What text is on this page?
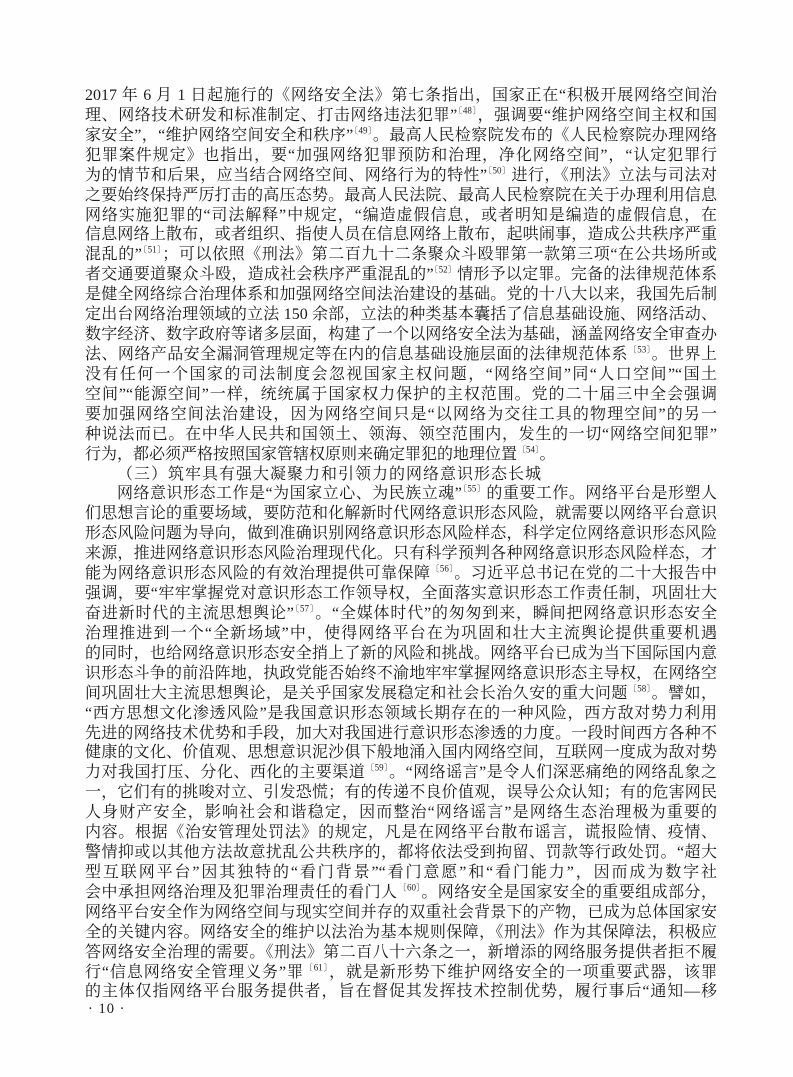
2017 年 6 月 1 日起施行的《网络安全法》第七条指出，国家正在“积极开展网络空间治
理、网络技术研发和标准制定、打击网络违法犯罪”$^{〔48〕}$，强调要“维护网络空间主权和国
家安全”，“维护网络空间安全和秩序”$^{〔49〕}$。最高人民检察院发布的《人民检察院办理网络
犯罪案件规定》也指出，要“加强网络犯罪预防和治理，净化网络空间”，“认定犯罪行
为的情节和后果，应当结合网络空间、网络行为的特性”$^{〔50〕}$进行，《刑法》立法与司法对
之要始终保持严厉打击的高压态势。最高人民法院、最高人民检察院在关于办理利用信息
网络实施犯罪的“司法解释”中规定，“编造虚假信息，或者明知是编造的虚假信息，在
信息网络上散布，或者组织、指使人员在信息网络上散布，起哄闹事，造成公共秩序严重
混乱的”$^{〔51〕}$；可以依照《刑法》第二百九十二条聚众斗殴罪第一款第三项“在公共场所或
者交通要道聚众斗殴，造成社会秩序严重混乱的”$^{〔52〕}$情形予以定罪。完备的法律规范体系
是健全网络综合治理体系和加强网络空间法治建设的基础。党的十八大以来，我国先后制
定出台网络治理领域的立法 150 余部，立法的种类基本囊括了信息基础设施、网络活动、
数字经济、数字政府等诸多层面，构建了一个以网络安全法为基础，涵盖网络安全审查办
法、网络产品安全漏洞管理规定等在内的信息基础设施层面的法律规范体系$^{〔53〕}$。世界上
没有任何一个国家的司法制度会忽视国家主权问题，“网络空间”同“人口空间”“国土
空间”“能源空间”一样，统统属于国家权力保护的主权范围。党的二十届三中全会强调
要加强网络空间法治建设，因为网络空间只是“以网络为交往工具的物理空间”的另一
种说法而已。在中华人民共和国领土、领海、领空范围内，发生的一切“网络空间犯罪”
行为，都必须严格按照国家管辖权原则来确定罪犯的地理位置$^{〔54〕}$。
（三）筑牢具有强大凝聚力和引领力的网络意识形态长城
网络意识形态工作是“为国家立心、为民族立魂”$^{〔55〕}$的重要工作。网络平台是形塑人
们思想言论的重要场域，要防范和化解新时代网络意识形态风险，就需要以网络平台意识
形态风险问题为导向，做到准确识别网络意识形态风险样态，科学定位网络意识形态风险
来源，推进网络意识形态风险治理现代化。只有科学预判各种网络意识形态风险样态，才
能为网络意识形态风险的有效治理提供可靠保障$^{〔56〕}$。习近平总书记在党的二十大报告中
强调，要“牢牢掌握党对意识形态工作领导权，全面落实意识形态工作责任制，巩固壮大
奋进新时代的主流思想舆论”$^{〔57〕}$。“全媒体时代”的匆匆到来，瞬间把网络意识形态安全
治理推进到一个“全新场域”中，使得网络平台在为巩固和壮大主流舆论提供重要机遇
的同时，也给网络意识形态安全捎上了新的风险和挑战。网络平台已成为当下国际国内意
识形态斗争的前沿阵地，执政党能否始终不渝地牢牢掌握网络意识形态主导权，在网络空
间巩固壮大主流思想舆论，是关乎国家发展稳定和社会长治久安的重大问题$^{〔58〕}$。譬如，
“西方思想文化渗透风险”是我国意识形态领域长期存在的一种风险，西方敌对势力利用
先进的网络技术优势和手段，加大对我国进行意识形态渗透的力度。一段时间西方各种不
健康的文化、价值观、思想意识泥沙俱下般地涌入国内网络空间，互联网一度成为敌对势
力对我国打压、分化、西化的主要渠道$^{〔59〕}$。“网络谣言”是令人们深恶痛绝的网络乱象之
一，它们有的挑唆对立、引发恐慌；有的传递不良价值观，误导公众认知；有的危害网民
人身财产安全，影响社会和谐稳定，因而整治“网络谣言”是网络生态治理极为重要的
内容。根据《治安管理处罚法》的规定，凡是在网络平台散布谣言，谎报险情、疫情、
警情抑或以其他方法故意扰乱公共秩序的，都将依法受到拘留、罚款等行政处罚。“超大
型互联网平台”因其独特的“看门背景”“看门意愿”和“看门能力”，因而成为数字社
会中承担网络治理及犯罪治理责任的看门人$^{〔60〕}$。网络安全是国家安全的重要组成部分，
网络平台安全作为网络空间与现实空间并存的双重社会背景下的产物，已成为总体国家安
全的关键内容。网络安全的维护以法治为基本规则保障，《刑法》作为其保障法，积极应
答网络安全治理的需要。《刑法》第二百八十六条之一，新增添的网络服务提供者拒不履
行“信息网络安全管理义务”罪$^{〔61〕}$，就是新形势下维护网络安全的一项重要武器，该罪
的主体仅指网络平台服务提供者，旨在督促其发挥技术控制优势，履行事后“通知—移
· 10 ·
